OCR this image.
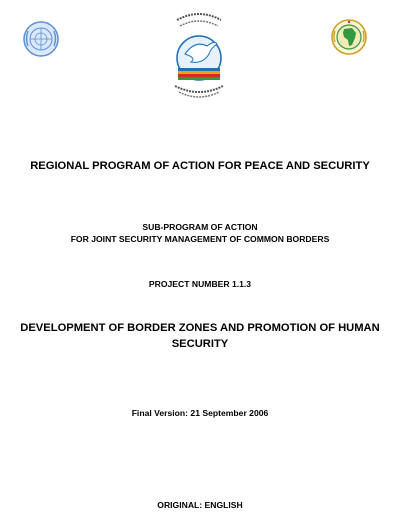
REGIONAL PROGRAM OF ACTION FOR PEACE AND SECURITY
SUB-PROGRAM OF ACTION
FOR JOINT SECURITY MANAGEMENT OF COMMON BORDERS
PROJECT NUMBER 1.1.3
DEVELOPMENT OF BORDER ZONES AND PROMOTION OF HUMAN
SECURITY
Final Version: 21 September 2006
ORIGINAL: ENGLISH
